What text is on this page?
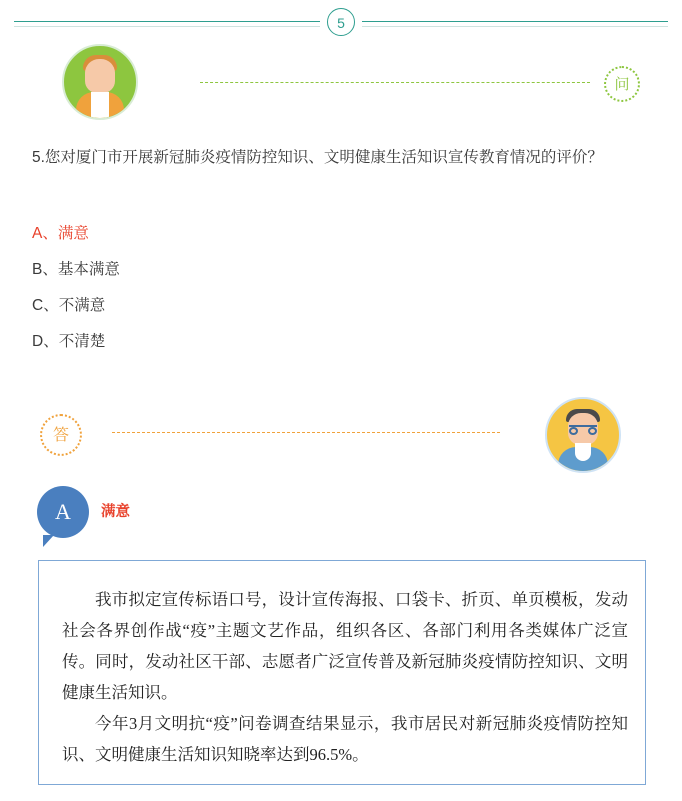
5
问
5.您对厦门市开展新冠肺炎疫情防控知识、文明健康生活知识宣传教育情况的评价？
A、满意
B、基本满意
C、不满意
D、不清楚
答
A	满意

我市拟定宣传标语口号，设计宣传海报、口袋卡、折页、单页模板，发动社会各界创作战“疫”主题文艺作品，组织各区、各部门利用各类媒体广泛宣传。同时，发动社区干部、志愿者广泛宣传普及新冠肺炎疫情防控知识、文明健康生活知识。

今年3月文明抗“疫”问卷调查结果显示，我市居民对新冠肺炎疫情防控知识、文明健康生活知识知晓率达到96.5%。
